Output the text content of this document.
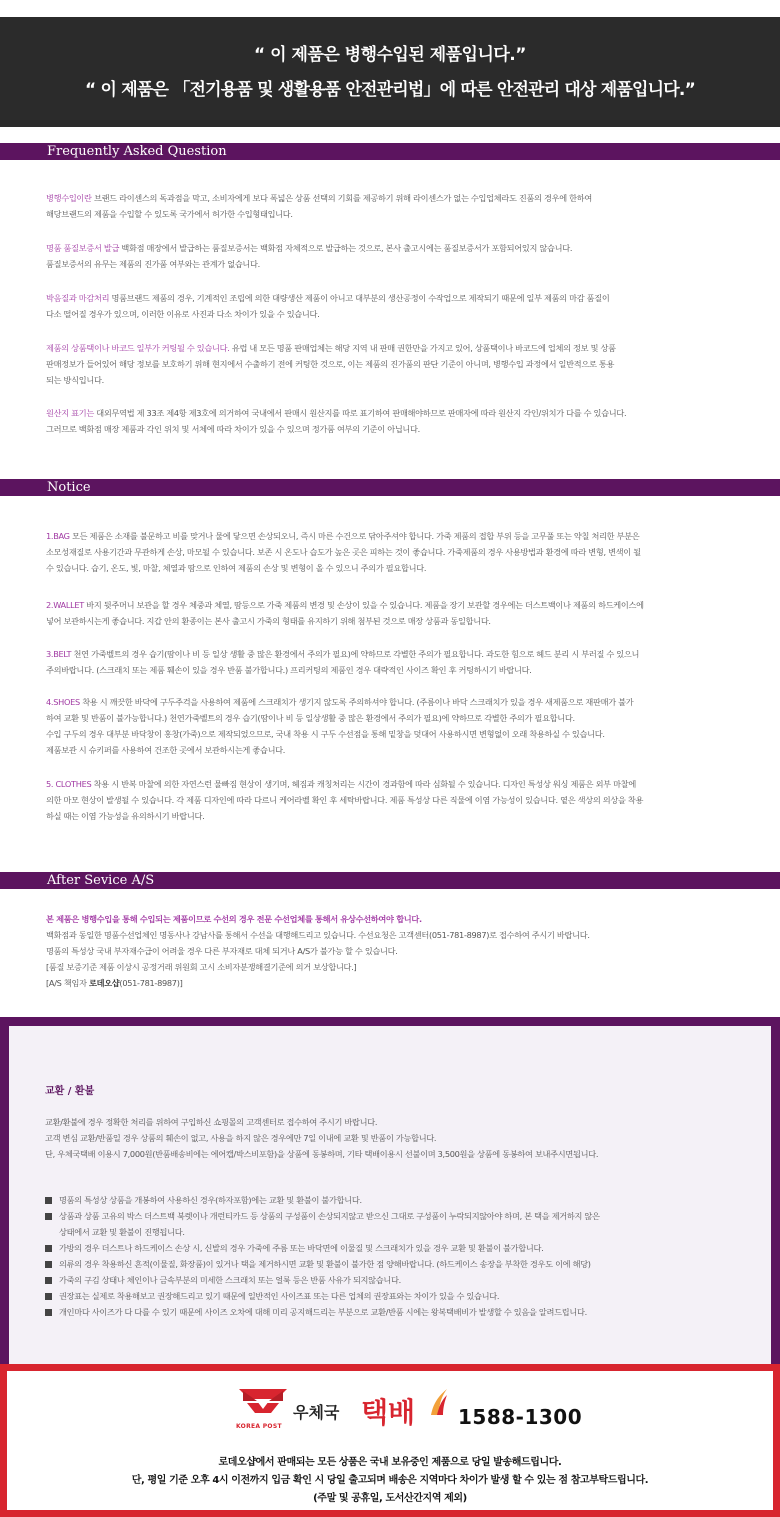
“ 이 제품은 병행수입된 제품입니다.”
“ 이 제품은 「전기용품 및 생활용품 안전관리법」에 따른 안전관리 대상 제품입니다.”
Frequently Asked Question
병행수입이란 브랜드 라이센스의 독과점을 막고, 소비자에게 보다 폭넓은 상품 선택의 기회를 제공하기 위해 라이센스가 없는 수입업체라도 진품의 경우에 한하여
해당브랜드의 제품을 수입할 수 있도록 국가에서 허가한 수입형태입니다.
명품 품질보증서 발급 백화점 매장에서 발급하는 품질보증서는 백화점 자체적으로 발급하는 것으로, 본사 출고시에는 품질보증서가 포함되어있지 않습니다.
품질보증서의 유무는 제품의 진가품 여부와는 관계가 없습니다.
박음질과 마감처리 명품브랜드 제품의 경우, 기계적인 조립에 의한 대량생산 제품이 아니고 대부분의 생산공정이 수작업으로 제작되기 때문에 일부 제품의 마감 품질이
다소 떨어질 경우가 있으며, 이러한 이유로 사진과 다소 차이가 있을 수 있습니다.
제품의 상품택이나 바코드 일부가 커팅될 수 있습니다. 유럽 내 모든 명품 판매업체는 해당 지역 내 판매 권한만을 가지고 있어, 상품택이나 바코드에 업체의 정보 및 상품
판매정보가 들어있어 해당 정보를 보호하기 위해 현지에서 수출하기 전에 커팅한 것으로, 이는 제품의 진가품의 판단 기준이 아니며, 병행수입 과정에서 일반적으로 통용
되는 방식입니다.
원산지 표기는 대외무역법 제 33조 제4항 제3호에 의거하여 국내에서 판매시 원산지를 따로 표기하여 판매해야하므로 판매자에 따라 원산지 각인/위치가 다를 수 있습니다.
그러므로 백화점 매장 제품과 각인 위치 및 서체에 따라 차이가 있을 수 있으며 정가품 여부의 기준이 아닙니다.
Notice
1.BAG 모든 제품은 소재를 불문하고 비를 맞거나 물에 닿으면 손상되오니, 즉시 마른 수건으로 닦아주셔야 합니다. 가죽 제품의 접합 부위 등을 고무풀 또는 약칠 처리한 부분은
소모성재질로 사용기간과 무관하게 손상, 마모될 수 있습니다. 보존 시 온도나 습도가 높은 곳은 피하는 것이 좋습니다. 가죽제품의 경우 사용방법과 환경에 따라 변형, 변색이 될
수 있습니다. 습기, 온도, 빛, 마찰, 체열과 땀으로 인하여 제품의 손상 및 변형이 올 수 있으니 주의가 필요합니다.
2.WALLET 바지 뒷주머니 보관을 할 경우 체중과 체열, 땀등으로 가죽 제품의 변경 및 손상이 있을 수 있습니다. 제품을 장기 보관할 경우에는 더스트백이나 제품의 하드케이스에
넣어 보관하시는게 좋습니다. 지갑 안의 환종이는 본사 출고시 가죽의 형태를 유지하기 위해 첨부된 것으로 매장 상품과 동일합니다.
3.BELT 천연 가죽벨트의 경우 습기(땀이나 비 등 일상 생활 중 많은 환경에서 주의가 필요)에 약하므로 각별한 주의가 필요합니다. 과도한 힘으로 헤드 분리 시 부러질 수 있으니
주의바랍니다. (스크래치 또는 제품 훼손이 있을 경우 반품 불가합니다.) 프리커팅의 제품인 경우 대략적인 사이즈 확인 후 커팅하시기 바랍니다.
4.SHOES 착용 시 깨끗한 바닥에 구두주걱을 사용하여 제품에 스크래치가 생기지 않도록 주의하셔야 합니다. (주름이나 바닥 스크래치가 있을 경우 새제품으로 재판매가 불가
하여 교환 및 반품이 불가능합니다.) 천연가죽벨트의 경우 습기(땀이나 비 등 일상생활 중 많은 환경에서 주의가 필요)에 약하므로 각별한 주의가 필요합니다.
수입 구두의 경우 대부분 바닥창이 홍창(가죽)으로 제작되었으므로, 국내 착용 시 구두 수선점을 통해 밑창을 덧대어 사용하시면 변형없이 오래 착용하실 수 있습니다.
제품보관 시 슈키퍼를 사용하여 건조한 곳에서 보관하시는게 좋습니다.
5. CLOTHES 착용 시 반복 마찰에 의한 자연스런 물빠짐 현상이 생기며, 헤짐과 캐칭처리는 시간이 경과함에 따라 심화될 수 있습니다. 디자인 특성상 워싱 제품은 외부 마찰에
의한 마모 현상이 발생될 수 있습니다. 각 제품 디자인에 따라 다르니 케어라벨 확인 후 세탁바랍니다. 제품 특성상 다른 직물에 이염 가능성이 있습니다. 옅은 색상의 의상을 착용
하실 때는 이염 가능성을 유의하시기 바랍니다.
After Sevice A/S
본 제품은 병행수입을 통해 수입되는 제품이므로 수선의 경우 전문 수선업체를 통해서 유상수선하여야 합니다.
백화점과 동일한 명품수선업체인 명동사나 강남사를 통해서 수선을 대행해드리고 있습니다. 수선요청은 고객센터(051-781-8987)로 접수하여 주시기 바랍니다.
명품의 특성상 국내 부자재수급이 어려울 경우 다른 부자재로 대체 되거나 A/S가 불가능 할 수 있습니다.
[품질 보증기준 제품 이상시 공정거래 위원회 고시 소비자분쟁해결기준에 의거 보상합니다.]
[A/S 책임자 로데오샵(051-781-8987)]
교환 / 환불
교환/환불에 경우 정확한 처리를 위하여 구입하신 쇼핑몰의 고객센터로 접수하여 주시기 바랍니다.
고객 변심 교환/반품일 경우 상품의 훼손이 없고, 사용을 하지 않은 경우에만 7일 이내에 교환 및 반품이 가능합니다.
단, 우체국택배 이용시 7,000원(반품배송비에는 에어캡/박스비포함)을 상품에 동봉하며, 기타 택배이용시 선불이며 3,500원을 상품에 동봉하여 보내주시면됩니다.
명품의 특성상 상품을 개봉하여 사용하신 경우(하자포함)에는 교환 및 환불이 불가합니다.
상품과 상품 고유의 박스 더스트백 북렛이나 개런티카드 등 상품의 구성품이 손상되지않고 받으신 그대로 구성품이 누락되지않아야 하며, 본 택을 제거하지 않은
상태에서 교환 및 환불이 진행됩니다.
가방의 경우 더스트나 하드케이스 손상 시, 신발의 경우 가죽에 주름 또는 바닥면에 이물질 및 스크래치가 있을 경우 교환 및 환불이 불가합니다.
의류의 경우 착용하신 흔적(이물질, 화장품)이 있거나 택을 제거하시면 교환 및 환불이 불가한 점 양해바랍니다. (하드케이스 송장을 부착한 경우도 이에 해당)
가죽의 구김 상태나 체인이나 금속부분의 미세한 스크래치 또는 얼룩 등은 반품 사유가 되지않습니다.
권장표는 실제로 착용해보고 권장해드리고 있기 때문에 일반적인 사이즈표 또는 다른 업체의 권장표와는 차이가 있을 수 있습니다.
개인마다 사이즈가 다 다를 수 있기 때문에 사이즈 오차에 대해 미리 공지해드리는 부분으로 교환/반품 시에는 왕복택배비가 발생할 수 있음을 알려드립니다.
KOREA POST
우체국 택배 1588-1300
로데오샵에서 판매되는 모든 상품은 국내 보유중인 제품으로 당일 발송해드립니다.
단, 평일 기준 오후 4시 이전까지 입금 확인 시 당일 출고되며 배송은 지역마다 차이가 발생 할 수 있는 점 참고부탁드립니다.
(주말 및 공휴일, 도서산간지역 제외)
